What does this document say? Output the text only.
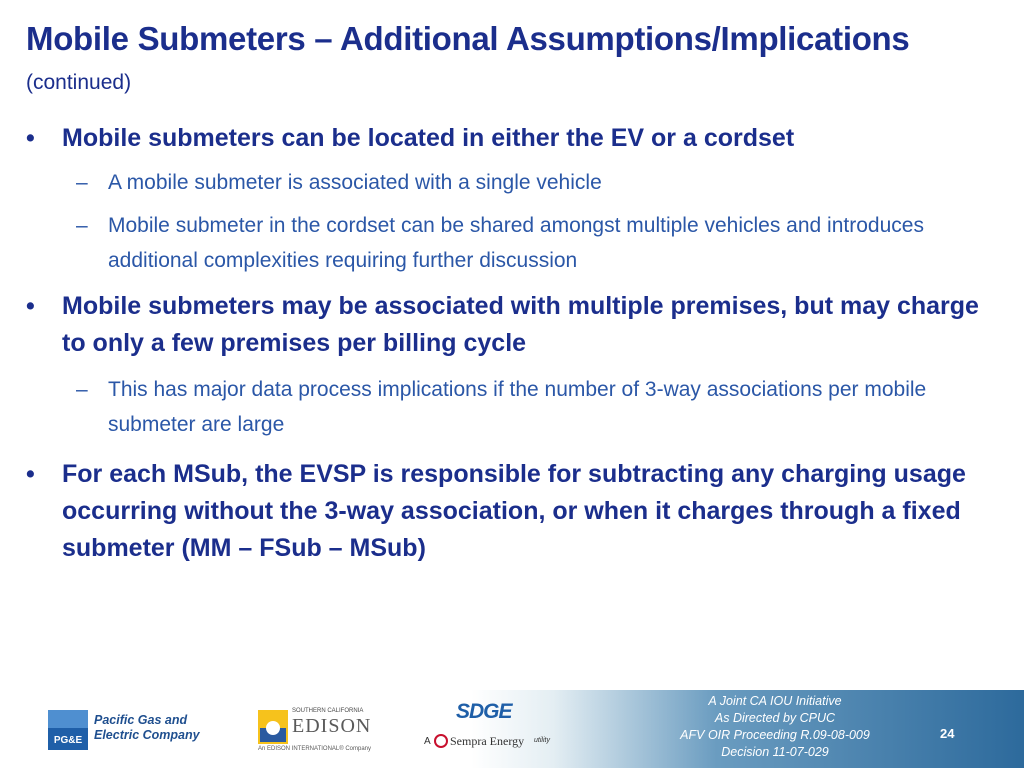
Mobile Submeters – Additional Assumptions/Implications
(continued)
• Mobile submeters can be located in either the EV or a cordset
– A mobile submeter is associated with a single vehicle
– Mobile submeter in the cordset can be shared amongst multiple vehicles and introduces additional complexities requiring further discussion
• Mobile submeters may be associated with multiple premises, but may charge to only a few premises per billing cycle
– This has major data process implications if the number of 3-way associations per mobile submeter are large
• For each MSub, the EVSP is responsible for subtracting any charging usage occurring without the 3-way association, or when it charges through a fixed submeter (MM – FSub – MSub)
PG&E
Pacific Gas and
Electric Company
SOUTHERN CALIFORNIA
EDISON
An EDISON INTERNATIONAL® Company
SDGE
A Sempra Energy utility
A Joint CA IOU Initiative
As Directed by CPUC
AFV OIR Proceeding R.09-08-009
Decision 11-07-029
24
